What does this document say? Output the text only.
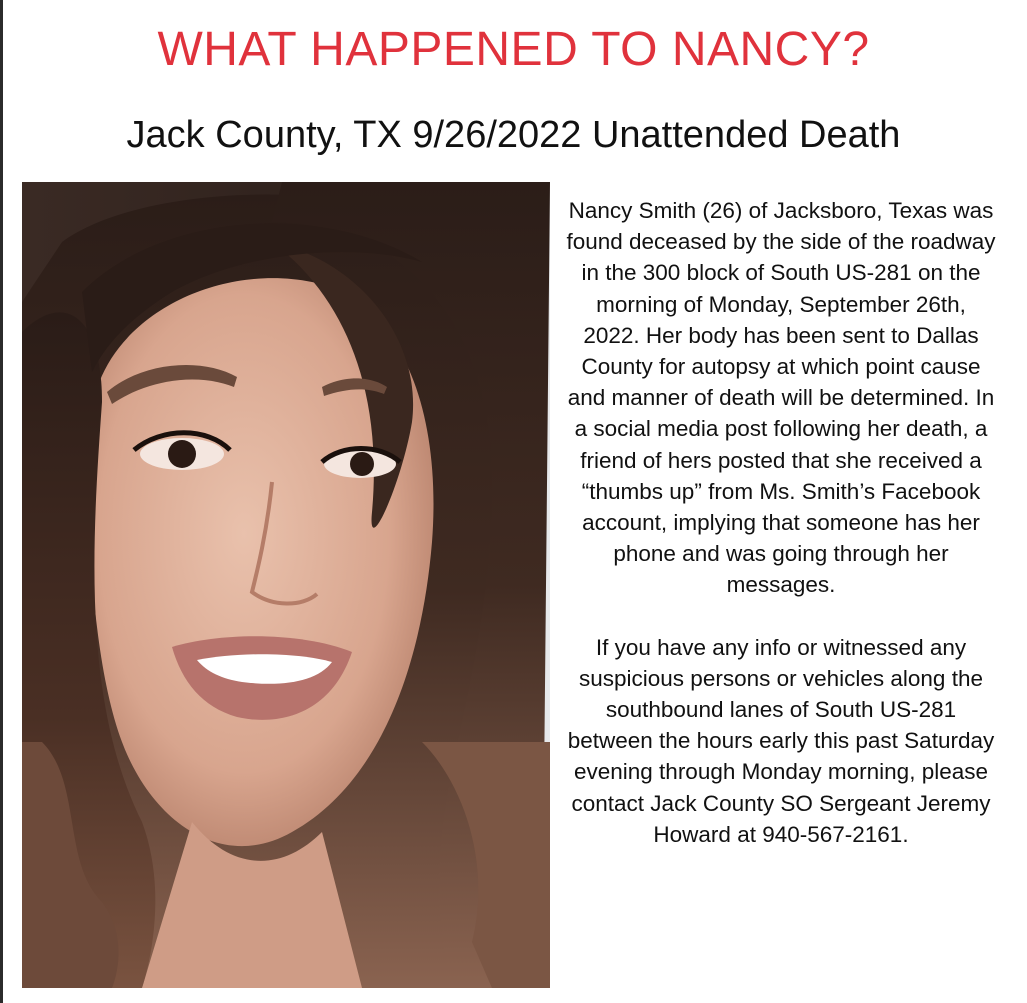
WHAT HAPPENED TO NANCY?
Jack County, TX 9/26/2022 Unattended Death

Nancy Smith (26) of Jacksboro, Texas was found deceased by the side of the roadway in the 300 block of South US-281 on the morning of Monday, September 26th, 2022. Her body has been sent to Dallas County for autopsy at which point cause and manner of death will be determined. In a social media post following her death, a friend of hers posted that she received a “thumbs up” from Ms. Smith’s Facebook account, implying that someone has her phone and was going through her messages.

If you have any info or witnessed any suspicious persons or vehicles along the southbound lanes of South US-281 between the hours early this past Saturday evening through Monday morning, please contact Jack County SO Sergeant Jeremy Howard at 940-567-2161.
